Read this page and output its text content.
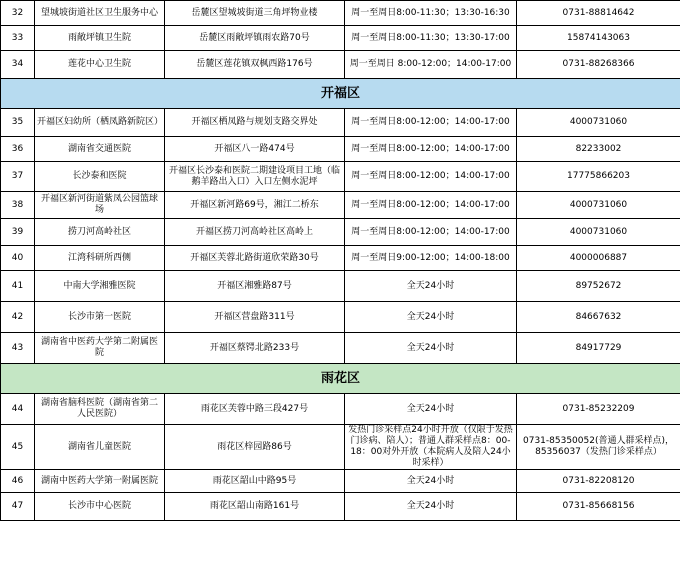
32	望城坡街道社区卫生服务中心	岳麓区望城坡街道三角坪物业楼	周一至周日8:00-11:30；13:30-16:30	0731-88814642
33	雨敞坪镇卫生院	岳麓区雨敞坪镇雨农路70号	周一至周日8:00-11:30；13:30-17:00	15874143063
34	莲花中心卫生院	岳麓区莲花镇双枫西路176号	周一至周日 8:00-12:00；14:00-17:00	0731-88268366
开福区				
35	开福区妇幼所（栖凤路新院区）	开福区栖凤路与规划支路交界处	周一至周日8:00-12:00；14:00-17:00	4000731060
36	湖南省交通医院	开福区八一路474号	周一至周日8:00-12:00；14:00-17:00	82233002
37	长沙泰和医院	开福区长沙泰和医院二期建设项目工地（临鹅羊路出入口）入口左侧水泥坪	周一至周日8:00-12:00；14:00-17:00	17775866203
38	开福区新河街道紫凤公园篮球场	开福区新河路69号，湘江二桥东	周一至周日8:00-12:00；14:00-17:00	4000731060
39	捞刀河高岭社区	开福区捞刀河高岭社区高岭上	周一至周日8:00-12:00；14:00-17:00	4000731060
40	江湾科研所西侧	开福区芙蓉北路街道欣荣路30号	周一至周日9:00-12:00；14:00-18:00	4000006887
41	中南大学湘雅医院	开福区湘雅路87号	全天24小时	89752672
42	长沙市第一医院	开福区营盘路311号	全天24小时	84667632
43	湖南省中医药大学第二附属医院	开福区蔡锷北路233号	全天24小时	84917729
雨花区				
44	湖南省脑科医院（湖南省第二人民医院）	雨花区芙蓉中路三段427号	全天24小时	0731-85232209
45	湖南省儿童医院	雨花区梓园路86号	发热门诊采样点24小时开放（仅限于发热门诊病、陪人）；普通人群采样点8：00-18：00对外开放（本院病人及陪人24小时采样）	0731-85350052(普通人群采样点)，85356037（发热门诊采样点）
46	湖南中医药大学第一附属医院	雨花区韶山中路95号	全天24小时	0731-82208120
47	长沙市中心医院	雨花区韶山南路161号	全天24小时	0731-85668156
